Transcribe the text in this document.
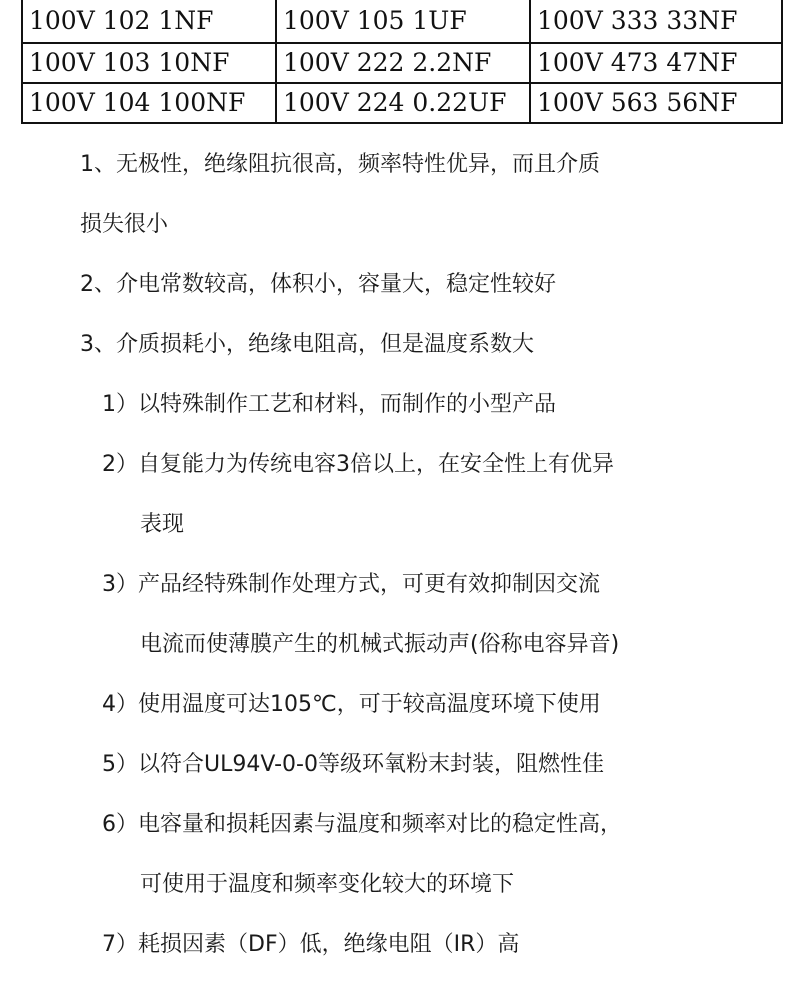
100V 102 1NF	100V 105 1UF	100V 333 33NF
100V 103 10NF	100V 222 2.2NF	100V 473 47NF
100V 104 100NF	100V 224 0.22UF	100V 563 56NF
1、无极性，绝缘阻抗很高，频率特性优异，而且介质
损失很小
2、介电常数较高，体积小，容量大，稳定性较好
3、介质损耗小，绝缘电阻高，但是温度系数大
1）以特殊制作工艺和材料，而制作的小型产品
2）自复能力为传统电容3倍以上，在安全性上有优异
表现
3）产品经特殊制作处理方式，可更有效抑制因交流
电流而使薄膜产生的机械式振动声(俗称电容异音)
4）使用温度可达105℃，可于较高温度环境下使用
5）以符合UL94V-0-0等级环氧粉末封装，阻燃性佳
6）电容量和损耗因素与温度和频率对比的稳定性高，
可使用于温度和频率变化较大的环境下
7）耗损因素（DF）低，绝缘电阻（IR）高
